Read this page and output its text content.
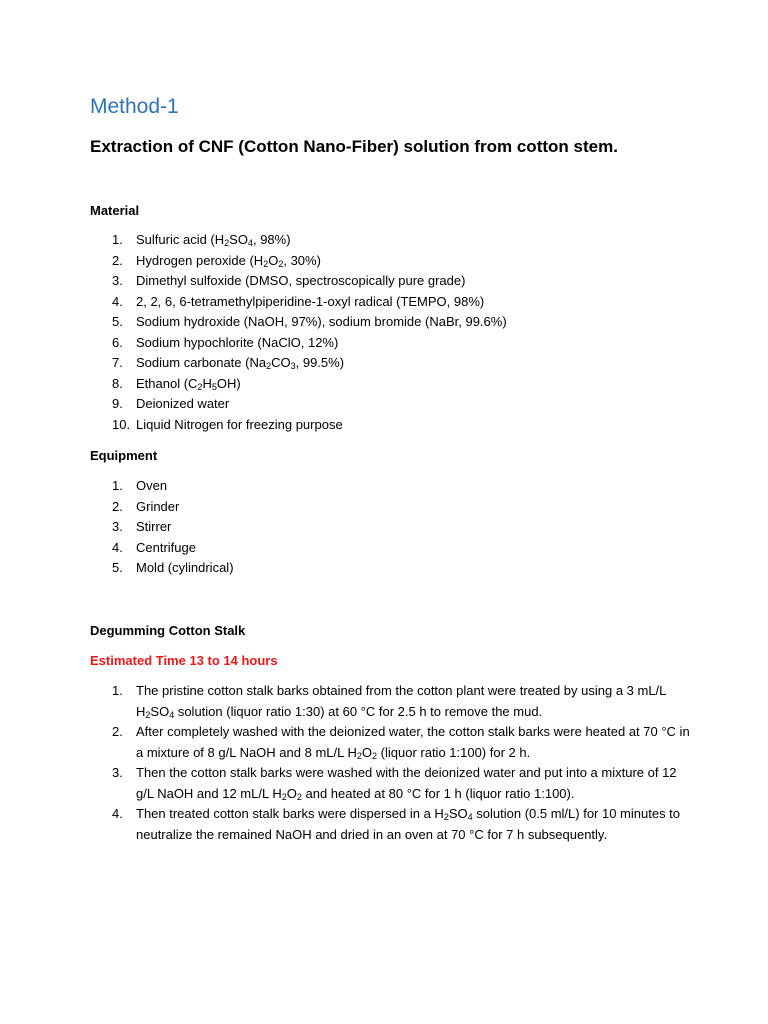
Method-1
Extraction of CNF (Cotton Nano-Fiber) solution from cotton stem.
Material
1. Sulfuric acid ($H_2SO_4$, 98%)
2. Hydrogen peroxide ($H_2O_2$, 30%)
3. Dimethyl sulfoxide (DMSO, spectroscopically pure grade)
4. 2, 2, 6, 6-tetramethylpiperidine-1-oxyl radical (TEMPO, 98%)
5. Sodium hydroxide (NaOH, 97%), sodium bromide (NaBr, 99.6%)
6. Sodium hypochlorite (NaClO, 12%)
7. Sodium carbonate ($Na_2CO_3$, 99.5%)
8. Ethanol $(C_2H_5OH)$
9. Deionized water
10. Liquid Nitrogen for freezing purpose
Equipment
1. Oven
2. Grinder
3. Stirrer
4. Centrifuge
5. Mold (cylindrical)
Degumming Cotton Stalk
Estimated Time 13 to 14 hours
1. The pristine cotton stalk barks obtained from the cotton plant were treated by using a 3 mL/L $H_2SO_4$ solution (liquor ratio 1:30) at 60 °C for 2.5 h to remove the mud.
2. After completely washed with the deionized water, the cotton stalk barks were heated at 70 °C in a mixture of 8 g/L NaOH and 8 mL/L $H_2O_2$ (liquor ratio 1:100) for 2 h.
3. Then the cotton stalk barks were washed with the deionized water and put into a mixture of 12 g/L NaOH and 12 mL/L $H_2O_2$ and heated at 80 °C for 1 h (liquor ratio 1:100).
4. Then treated cotton stalk barks were dispersed in a $H_2SO_4$ solution (0.5 ml/L) for 10 minutes to neutralize the remained NaOH and dried in an oven at 70 °C for 7 h subsequently.
